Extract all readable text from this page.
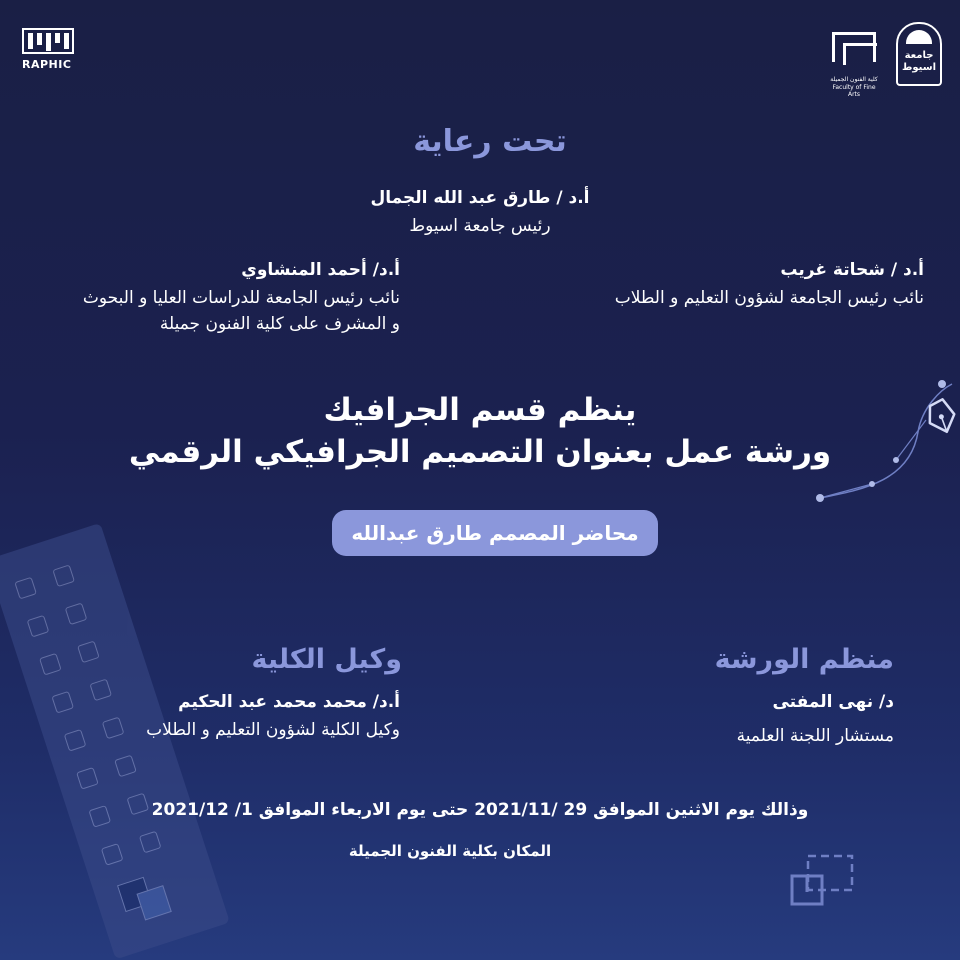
RAPHIC
كلية الفنون الجميلة
Faculty of Fine Arts
جامعة اسيوط
تحت رعاية
أ.د / طارق عبد الله الجمال
رئيس جامعة اسيوط
أ.د / شحاتة غريب
نائب رئيس الجامعة لشؤون التعليم و الطلاب
أ.د/ أحمد المنشاوي
نائب رئيس الجامعة للدراسات العليا و البحوث
و المشرف على كلية الفنون جميلة
ينظم قسم الجرافيك
ورشة عمل بعنوان التصميم الجرافيكي الرقمي
محاضر المصمم طارق عبدالله
منظم الورشة
د/ نهى المفتى
مستشار اللجنة العلمية
وكيل الكلية
أ.د/ محمد محمد عبد الحكيم
وكيل الكلية لشؤون التعليم و الطلاب
وذالك يوم الاثنين الموافق 29 /2021/11 حتى يوم الاربعاء الموافق 1/ 2021/12
المكان بكلية الفنون الجميلة
